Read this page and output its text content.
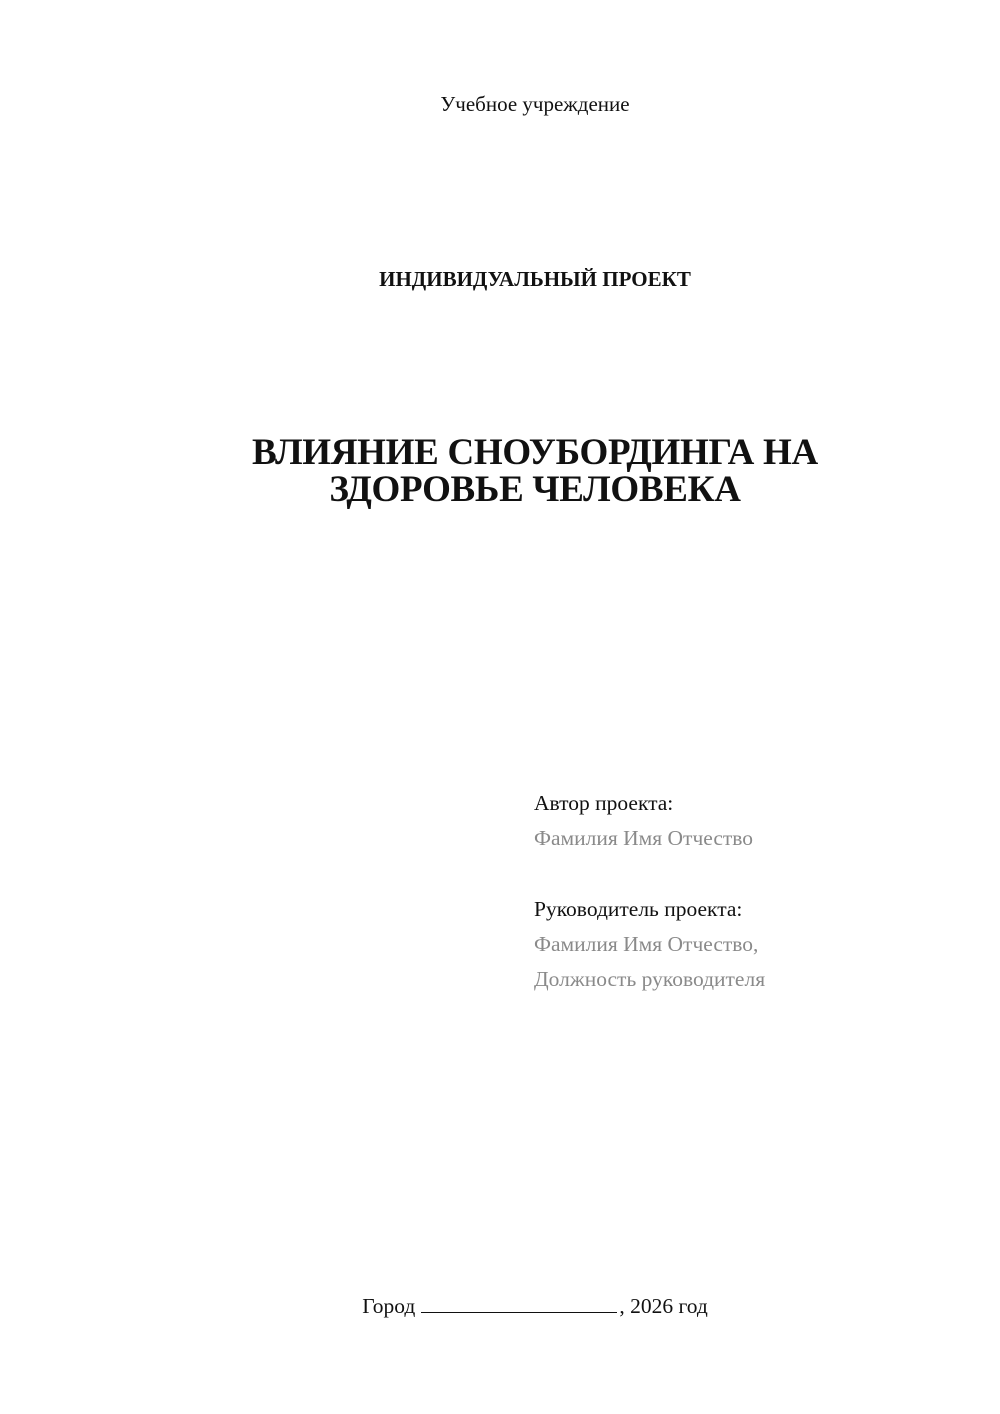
Учебное учреждение
ИНДИВИДУАЛЬНЫЙ ПРОЕКТ
ВЛИЯНИЕ СНОУБОРДИНГА НА
ЗДОРОВЬЕ ЧЕЛОВЕКА
Автор проекта:
Фамилия Имя Отчество
Руководитель проекта:
Фамилия Имя Отчество,
Должность руководителя
Город	, 2026 год
